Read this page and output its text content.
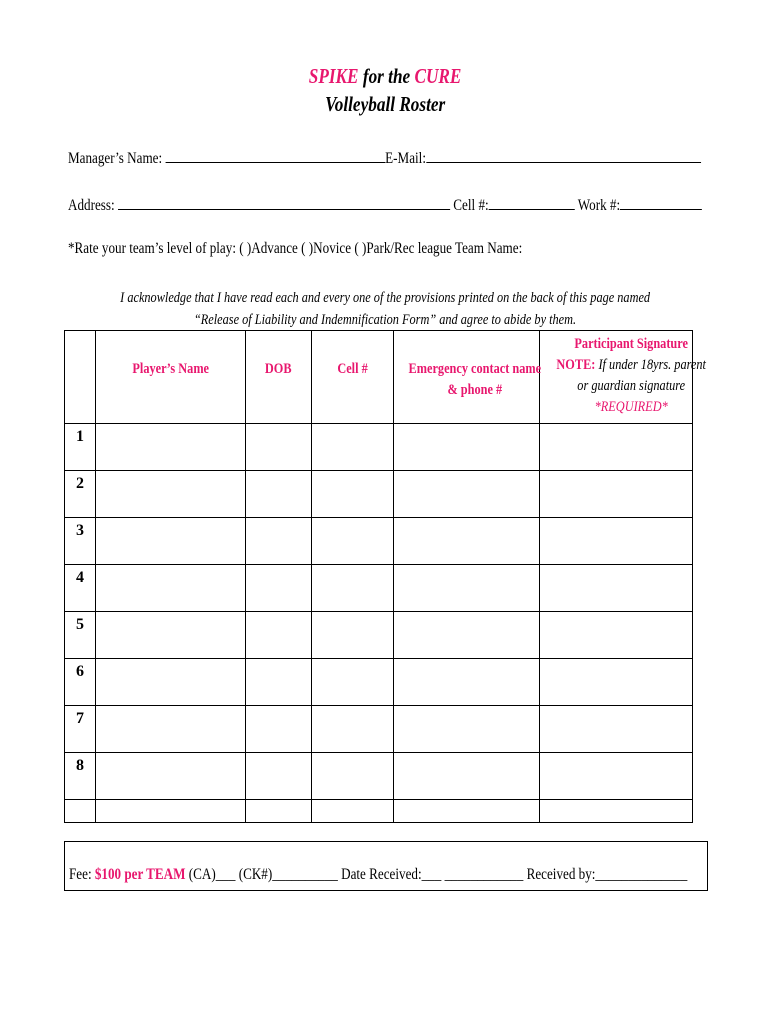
SPIKE for the CURE
Volleyball Roster
Manager’s Name:	E-Mail:
Address:	Cell #:	Work #:
*Rate your team’s level of play: ( )Advance ( )Novice ( )Park/Rec league Team Name:
I acknowledge that I have read each and every one of the provisions printed on the back of this page named
“Release of Liability and Indemnification Form” and agree to abide by them.
	Player’s Name	DOB	Cell #	Emergency contact name
& phone #	Participant Signature
NOTE: If under 18yrs. parent
or guardian signature
*REQUIRED*
1					
2					
3					
4					
5					
6					
7					
8					

Fee: $100 per TEAM (CA)___ (CK#)__________ Date Received:___ ____________ Received by:______________
